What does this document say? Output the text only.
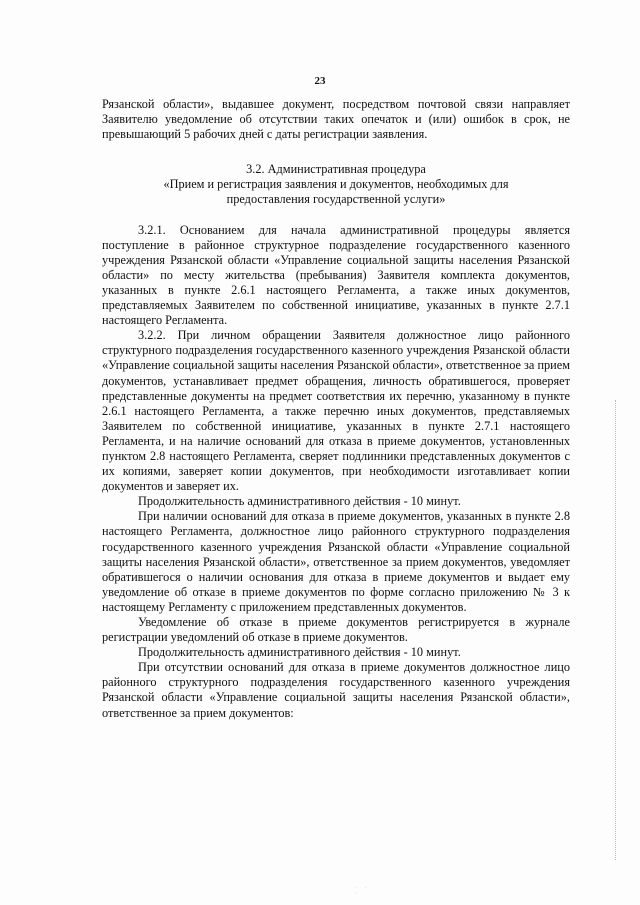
23

Рязанской области», выдавшее документ, посредством почтовой связи направляет Заявителю уведомление об отсутствии таких опечаток и (или) ошибок в срок, не превышающий 5 рабочих дней с даты регистрации заявления.

3.2. Административная процедура
«Прием и регистрация заявления и документов, необходимых для
предоставления государственной услуги»

3.2.1. Основанием для начала административной процедуры является поступление в районное структурное подразделение государственного казенного учреждения Рязанской области «Управление социальной защиты населения Рязанской области» по месту жительства (пребывания) Заявителя комплекта документов, указанных в пункте 2.6.1 настоящего Регламента, а также иных документов, представляемых Заявителем по собственной инициативе, указанных в пункте 2.7.1 настоящего Регламента.

3.2.2. При личном обращении Заявителя должностное лицо районного структурного подразделения государственного казенного учреждения Рязанской области «Управление социальной защиты населения Рязанской области», ответственное за прием документов, устанавливает предмет обращения, личность обратившегося, проверяет представленные документы на предмет соответствия их перечню, указанному в пункте 2.6.1 настоящего Регламента, а также перечню иных документов, представляемых Заявителем по собственной инициативе, указанных в пункте 2.7.1 настоящего Регламента, и на наличие оснований для отказа в приеме документов, установленных пунктом 2.8 настоящего Регламента, сверяет подлинники представленных документов с их копиями, заверяет копии документов, при необходимости изготавливает копии документов и заверяет их.

Продолжительность административного действия - 10 минут.

При наличии оснований для отказа в приеме документов, указанных в пункте 2.8 настоящего Регламента, должностное лицо районного структурного подразделения государственного казенного учреждения Рязанской области «Управление социальной защиты населения Рязанской области», ответственное за прием документов, уведомляет обратившегося о наличии основания для отказа в приеме документов и выдает ему уведомление об отказе в приеме документов по форме согласно приложению № 3 к настоящему Регламенту с приложением представленных документов.

Уведомление об отказе в приеме документов регистрируется в журнале регистрации уведомлений об отказе в приеме документов.

Продолжительность административного действия - 10 минут.

При отсутствии оснований для отказа в приеме документов должностное лицо районного структурного подразделения государственного казенного учреждения Рязанской области «Управление социальной защиты населения Рязанской области», ответственное за прием документов:

· · ·
